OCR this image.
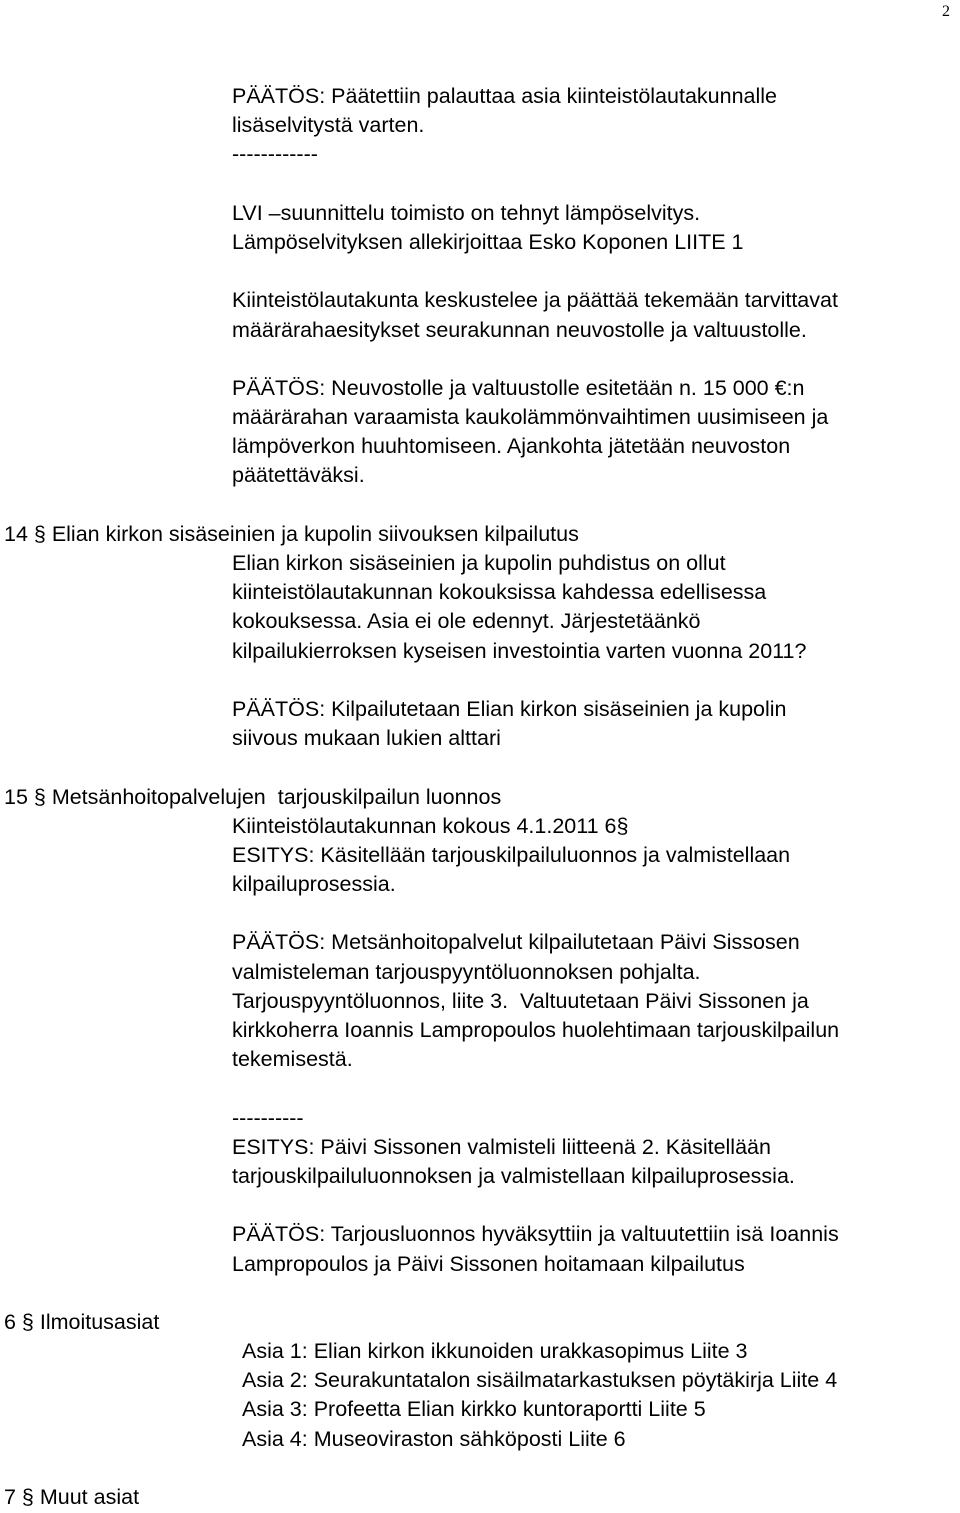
2
PÄÄTÖS: Päätettiin palauttaa asia kiinteistölautakunnalle
lisäselvitystä varten.
------------
LVI –suunnittelu toimisto on tehnyt lämpöselvitys.
Lämpöselvityksen allekirjoittaa Esko Koponen LIITE 1
Kiinteistölautakunta keskustelee ja päättää tekemään tarvittavat
määrärahaesitykset seurakunnan neuvostolle ja valtuustolle.
PÄÄTÖS: Neuvostolle ja valtuustolle esitetään n. 15 000 €:n
määrärahan varaamista kaukolämmönvaihtimen uusimiseen ja
lämpöverkon huuhtomiseen. Ajankohta jätetään neuvoston
päätettäväksi.
14 § Elian kirkon sisäseinien ja kupolin siivouksen kilpailutus
Elian kirkon sisäseinien ja kupolin puhdistus on ollut
kiinteistölautakunnan kokouksissa kahdessa edellisessa
kokouksessa. Asia ei ole edennyt. Järjestetäänkö
kilpailukierroksen kyseisen investointia varten vuonna 2011?
PÄÄTÖS: Kilpailutetaan Elian kirkon sisäseinien ja kupolin
siivous mukaan lukien alttari
15 § Metsänhoitopalvelujen  tarjouskilpailun luonnos
Kiinteistölautakunnan kokous 4.1.2011 6§
ESITYS: Käsitellään tarjouskilpailuluonnos ja valmistellaan
kilpailuprosessia.
PÄÄTÖS: Metsänhoitopalvelut kilpailutetaan Päivi Sissosen
valmisteleman tarjouspyyntöluonnoksen pohjalta.
Tarjouspyyntöluonnos, liite 3.  Valtuutetaan Päivi Sissonen ja
kirkkoherra Ioannis Lampropoulos huolehtimaan tarjouskilpailun
tekemisestä.
----------
ESITYS: Päivi Sissonen valmisteli liitteenä 2. Käsitellään
tarjouskilpailuluonnoksen ja valmistellaan kilpailuprosessia.
PÄÄTÖS: Tarjousluonnos hyväksyttiin ja valtuutettiin isä Ioannis
Lampropoulos ja Päivi Sissonen hoitamaan kilpailutus
6 § Ilmoitusasiat
Asia 1: Elian kirkon ikkunoiden urakkasopimus Liite 3
Asia 2: Seurakuntatalon sisäilmatarkastuksen pöytäkirja Liite 4
Asia 3: Profeetta Elian kirkko kuntoraportti Liite 5
Asia 4: Museoviraston sähköposti Liite 6
7 § Muut asiat
